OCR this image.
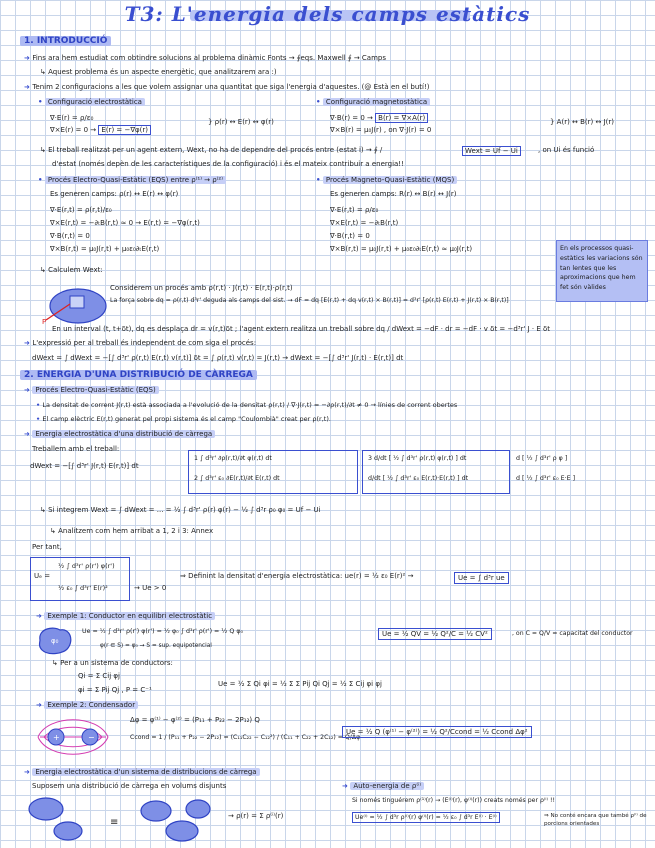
T3: L'energia dels camps estàtics
1. INTRODUCCIÓ
➜ Fins ara hem estudiat com obtindre solucions al problema dinàmic Fonts → ∮eqs. Maxwell ∮ → Camps
↳ Aquest problema és un aspecte energètic, que analitzarem ara :)
➜ Tenim 2 configuracions a les que volem assignar una quantitat que siga l'energia d'aquestes. (@ Està en el butí!)
• Configuració electrostàtica	• Configuració magnetostàtica
∇·E(r) = ρ/ε₀
∇×E(r) = 0 → E(r) = −∇φ(r)
} ρ(r) ↔ E(r) ↔ φ(r)	∇·B(r) = 0 → B(r) = ∇×A(r)
∇×B(r) = μ₀J(r) , on ∇·J(r) = 0
} A(r) ↔ B(r) ↔ J(r)
↳ El treball realitzat per un agent extern, Wext, no ha de dependre del procés entre (estat i) → ∮ /	Wext = Uf − Ui	, on Ui és funció
d'estat (només depèn de les característiques de la configuració) i és el mateix contribuir a energia!!
• Procés Electro-Quasi-Estàtic (EQS) entre ρ⁽¹⁾ → ρ⁽²⁾	• Procés Magneto-Quasi-Estàtic (MQS)
Es generen camps: ρ(r) ↔ E(r) ↔ φ(r)
∇·E(r,t) = ρ(r,t)/ε₀
∇×E(r,t) = −∂ₜB(r,t) ≈ 0 → E(r,t) = −∇φ(r,t)
∇·B(r,t) = 0
∇×B(r,t) = μ₀J(r,t) + μ₀ε₀∂ₜE(r,t)
Es generen camps: R(r) ↔ B(r) ↔ J(r)
∇·E(r,t) = ρ/ε₀
∇×E(r,t) = −∂ₜB(r,t)
∇·B(r,t) = 0
∇×B(r,t) = μ₀J(r,t) + μ₀ε₀∂ₜE(r,t) ≈ μ₀J(r,t)	En els processos quasi-estàtics les variacions són tan lentes que les aproximacions que hem fet són vàlides
↳ Calculem Wext:
P
Considerem un procés amb ρ(r,t) · J(r,t) · E(r,t)·ρ(r,t)
La força sobre dq = ρ(r,t) d³r' deguda als camps del sist. → dF = dq [E(r,t) + dq v(r,t) × B(r,t)] = d³r' [ρ(r,t) E(r,t) + J(r,t) × B(r,t)]
En un interval (t, t+δt), dq es desplaça dr = v(r,t)δt ; l'agent extern realitza un treball sobre dq / dWext = −dF · dr = −dF · v δt = −d³r' J · E δt
➜ L'expressió per al treball és independent de com siga el procés:
dWext = ∫ dWext = −[∫ d³r' ρ(r,t) E(r,t) v(r,t)] δt = ∫ ρ(r,t) v(r,t) = J(r,t) → dWext = −[∫ d³r' J(r,t) · E(r,t)] dt
2. ENERGIA D'UNA DISTRIBUCIÓ DE CÀRREGA
➜ Procés Electro-Quasi-Estàtic (EQS)
• La densitat de corrent J(r,t) està associada a l'evolució de la densitat ρ(r,t) / ∇·J(r,t) = −∂ρ(r,t)/∂t ≠ 0 → línies de corrent obertes
• El camp elèctric E(r,t) generat pel propi sistema és el camp "Coulombià" creat per ρ(r,t).
➜ Energia electrostàtica d'una distribució de càrrega
Treballem amb el treball:
dWext = −[∫ d³r' J(r,t) E(r,t)] dt
1 ∫ d³r' ∂ρ(r,t)/∂t φ(r,t) dt
2 ∫ d³r' ε₀ ∂E(r,t)/∂t E(r,t) dt
3 d/dt [ ½ ∫ d³r' ρ(r,t) φ(r,t) ] dt
d/dt [ ½ ∫ d³r' ε₀ E(r,t)·E(r,t) ] dt
d [ ½ ∫ d³r' ρ φ ]
d [ ½ ∫ d³r' ε₀ E·E ]
↳ Si integrem Wext = ∫ dWext = ... = ½ ∫ d³r' ρ(r) φ(r) − ½ ∫ d³r ρ₀ φ₀ = Uf − Ui
↳ Analitzem com hem arribat a 1, 2 i 3: Annex
Per tant,
Uₑ =
½ ∫ d³r' ρ(r') φ(r')
½ ε₀ ∫ d³r' E(r)²	→ Ue > 0
⇒ Definint la densitat d'energia electrostàtica: ue(r) = ½ ε₀ E(r)² →	Ue = ∫ d³r ue
➜ Exemple 1: Conductor en equilibri electrostàtic
φ₀
Ue = ½ ∫ d³r' ρ(r') φ(r') = ½ φ₀ ∫ d³r' ρ(r') = ½ Q φ₀
φ(r ∈ S) = φ₀ → S = sup. equipotencial
Ue = ½ QV = ½ Q²/C = ½ CV²	, on C = Q/V = capacitat del conductor
↳ Per a un sistema de conductors:
Qi = Σ Cij φj
φi = Σ Pij Qj , P = C⁻¹
Ue = ½ Σ Qi φi = ½ Σ Σ Pij Qi Qj = ½ Σ Cij φi φj
➜ Exemple 2: Condensador
+	−
Δφ = φ⁽¹⁾ − φ⁽²⁾ = (P₁₁ + P₂₂ − 2P₁₂) Q
Ccond = 1 / (P₁₁ + P₂₂ − 2P₁₂) = (C₁₁C₂₂ − C₁₂²) / (C₁₁ + C₂₂ + 2C₁₂) = Q/Δφ
Ue = ½ Q (φ⁽¹⁾ − φ⁽²⁾) = ½ Q²/Ccond = ½ Ccond Δφ²
➜ Energia electrostàtica d'un sistema de distribucions de càrrega
Suposem una distribució de càrrega en volums disjunts
≡
→ ρ(r) = Σ ρ⁽ⁱ⁾(r)
➜ Auto-energia de ρ⁽ⁱ⁾
Si només tinguérem ρ⁽¹⁾(r) → (E⁽ⁱ⁾(r), φ⁽ⁱ⁾(r)) creats només per ρ⁽ⁱ⁾ !!
Ue⁽ⁱ⁾ = ½ ∫ d³r ρ⁽ⁱ⁾(r) φ⁽ⁱ⁾(r) = ½ ε₀ ∫ d³r E⁽ⁱ⁾ · E⁽ⁱ⁾	⇒ No conté encara que també ρ⁽ⁱ⁾ de porcions orientades
